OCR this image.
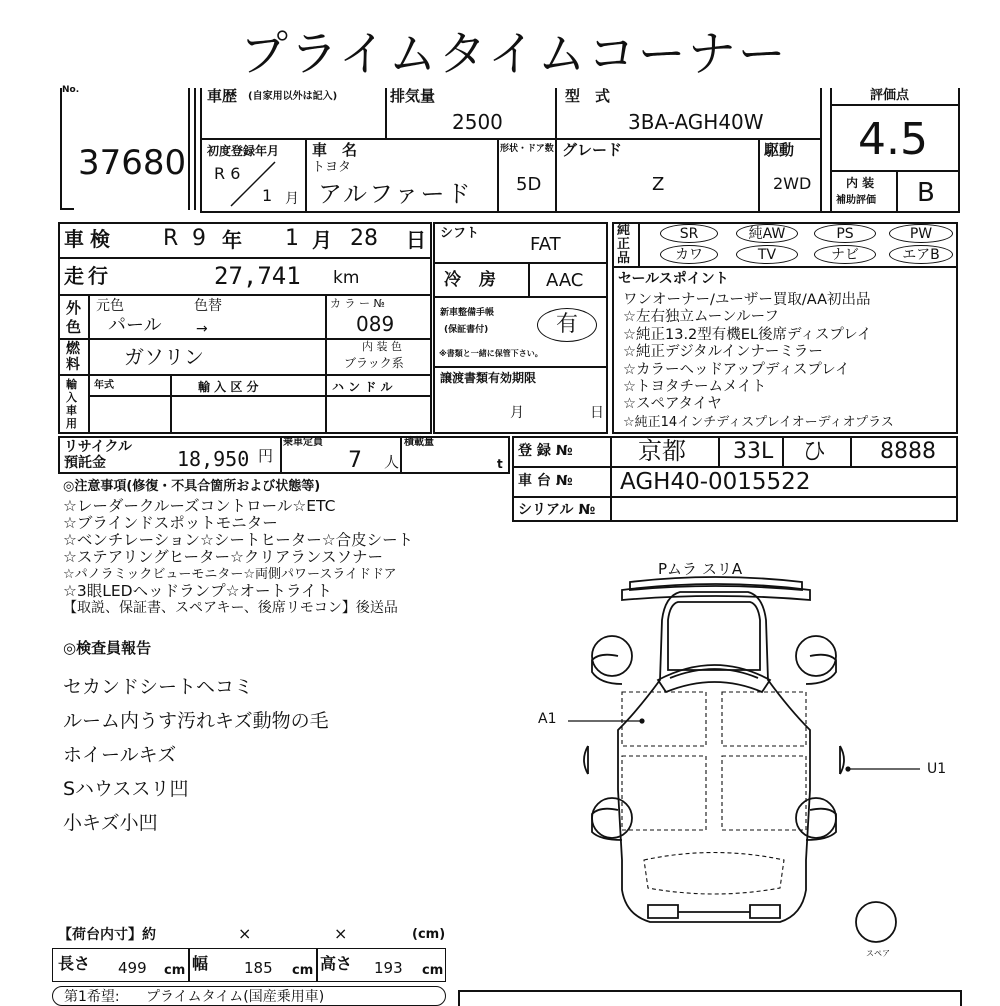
プライムタイムコーナー
No.
37680
車歴 (自家用以外は記入)	排気量
2500
型　式
3BA-AGH40W
初度登録年月
R 6
1 月
車　名
トヨタ
アルファード
形状・ドア数
5D
グレード
Z
駆動
2WD
評価点
4.5
内 装
補助評価 B
車検 R 9 年 1 月 28 日
走行	27,741 km
外色
元色	色替
パール →
カ ラ ー №
089
燃料 ガソリン	内 装 色
ブラック系
輸入車用
年式	輸 入 区 分	ハ ン ド ル
シフト
FAT
冷 房 AAC
新車整備手帳
(保証書付)	有
※書類と一緒に保管下さい。
譲渡書類有効期限
月	日
純正品
SR	純AW	PS	PW
カワ	TV	ナビ	エアB
セールスポイント
ワンオーナー/ユーザー買取/AA初出品
☆左右独立ムーンルーフ
☆純正13.2型有機EL後席ディスプレイ
☆純正デジタルインナーミラー
☆カラーヘッドアップディスプレイ
☆トヨタチームメイト
☆スペアタイヤ
☆純正14インチディスプレイオーディオプラス
リサイクル
預託金	18,950 円
乗車定員
7 人
積載量
t
登 録 №	京都 33L ひ 8888
車 台 № AGH40-0015522
シリアル №
◎注意事項(修復・不具合箇所および状態等)
☆レーダークルーズコントロール☆ETC
☆ブラインドスポットモニター
☆ベンチレーション☆シートヒーター☆合皮シート
☆ステアリングヒーター☆クリアランスソナー
☆パノラミックビューモニター☆両側パワースライドドア
☆3眼LEDヘッドランプ☆オートライト
【取説、保証書、スペアキー、後席リモコン】後送品
◎検査員報告
セカンドシートヘコミ
ルーム内うす汚れキズ動物の毛
ホイールキズ
Sハウススリ凹
小キズ小凹
Pムラ スリA
A1
U1
スペア
【荷台内寸】約	×	×	(cm)
長さ 499 cm 幅 185 cm 高さ 193 cm
第1希望: プライムタイム(国産乗用車)
